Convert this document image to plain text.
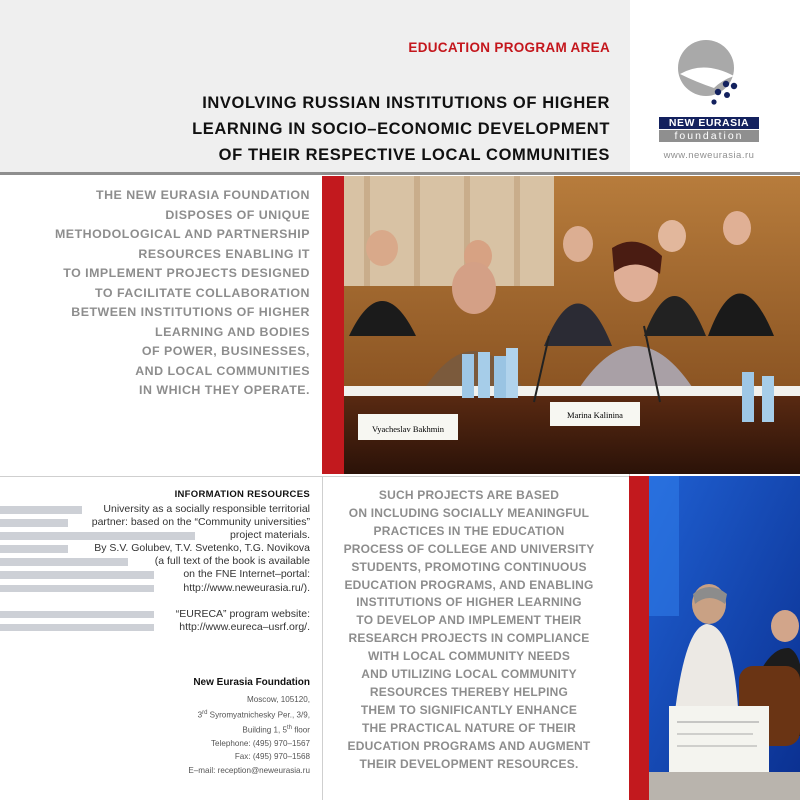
EDUCATION PROGRAM AREA
INVOLVING RUSSIAN INSTITUTIONS OF HIGHER
LEARNING IN SOCIO–ECONOMIC DEVELOPMENT
OF THEIR RESPECTIVE LOCAL COMMUNITIES
NEW EURASIA
foundation
www.neweurasia.ru
THE NEW EURASIA FOUNDATION
DISPOSES OF UNIQUE
METHODOLOGICAL AND PARTNERSHIP
RESOURCES ENABLING IT
TO IMPLEMENT PROJECTS DESIGNED
TO FACILITATE COLLABORATION
BETWEEN INSTITUTIONS OF HIGHER
LEARNING AND BODIES
OF POWER, BUSINESSES,
AND LOCAL COMMUNITIES
IN WHICH THEY OPERATE.
Vyacheslav Bakhmin
Marina Kalinina
INFORMATION RESOURCES
University as a socially responsible territorial
partner: based on the “Community universities”
project materials.
By S.V. Golubev, T.V. Svetenko, T.G. Novikova
(a full text of the book is available
on the FNE Internet–portal:
http://www.neweurasia.ru/).
“EURECA” program website:
http://www.eureca–usrf.org/.
New Eurasia Foundation
Moscow, 105120,
3rd Syromyatnichesky Per., 3/9,
Building 1, 5th floor
Telephone: (495) 970–1567
Fax: (495) 970–1568
E–mail: reception@neweurasia.ru
SUCH PROJECTS ARE BASED
ON INCLUDING SOCIALLY MEANINGFUL
PRACTICES IN THE EDUCATION
PROCESS OF COLLEGE AND UNIVERSITY
STUDENTS, PROMOTING CONTINUOUS
EDUCATION PROGRAMS, AND ENABLING
INSTITUTIONS OF HIGHER LEARNING
TO DEVELOP AND IMPLEMENT THEIR
RESEARCH PROJECTS IN COMPLIANCE
WITH LOCAL COMMUNITY NEEDS
AND UTILIZING LOCAL COMMUNITY
RESOURCES THEREBY HELPING
THEM TO SIGNIFICANTLY ENHANCE
THE PRACTICAL NATURE OF THEIR
EDUCATION PROGRAMS AND AUGMENT
THEIR DEVELOPMENT RESOURCES.
